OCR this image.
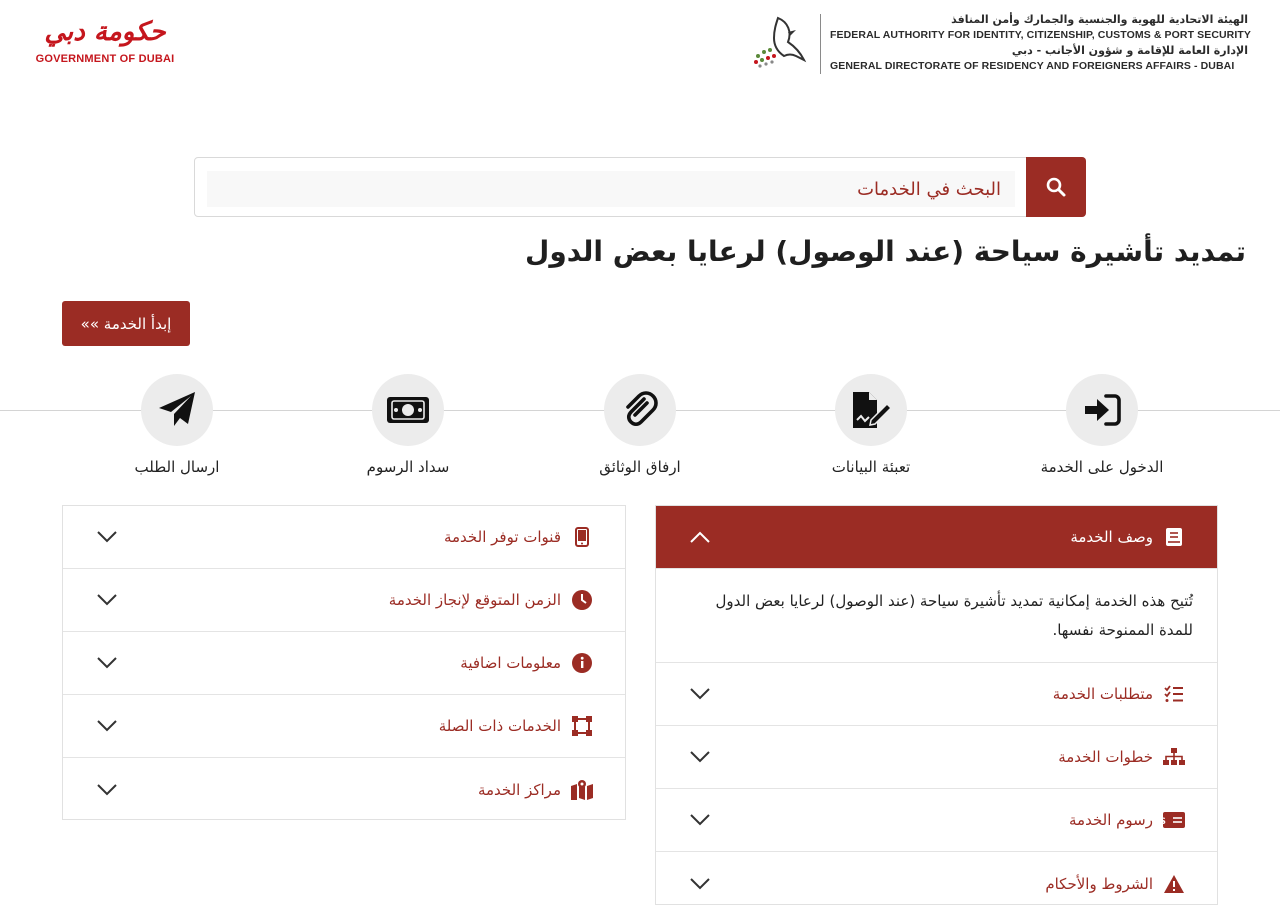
حكومة دبي
GOVERNMENT OF DUBAI
الهيئة الاتحادية للهوية والجنسية والجمارك وأمن المنافذ
FEDERAL AUTHORITY FOR IDENTITY, CITIZENSHIP, CUSTOMS & PORT SECURITY
الإدارة العامة للإقامة و شؤون الأجانب - دبي
GENERAL DIRECTORATE OF RESIDENCY AND FOREIGNERS AFFAIRS - DUBAI
البحث في الخدمات
تمديد تأشيرة سياحة (عند الوصول) لرعايا بعض الدول
إبدأ الخدمة »»
الدخول على الخدمة
تعبئة البيانات
ارفاق الوثائق
سداد الرسوم
ارسال الطلب
وصف الخدمة
تُتيح هذه الخدمة إمكانية تمديد تأشيرة سياحة (عند الوصول) لرعايا بعض الدول للمدة الممنوحة نفسها.
متطلبات الخدمة
خطوات الخدمة
$
رسوم الخدمة
الشروط والأحكام
قنوات توفر الخدمة
الزمن المتوقع لإنجاز الخدمة
معلومات اضافية
الخدمات ذات الصلة
مراكز الخدمة
